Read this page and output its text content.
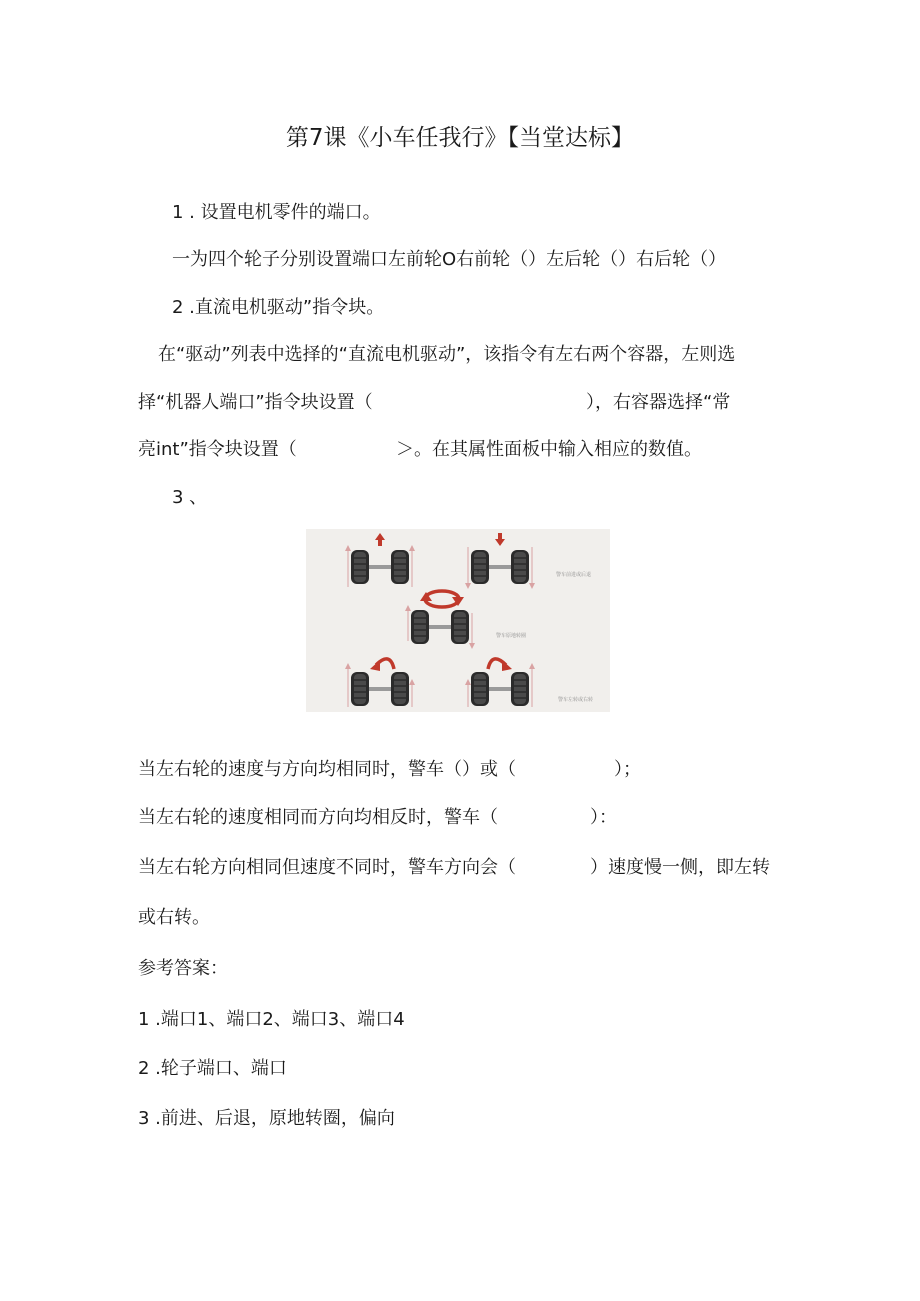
第7课《小车任我行》【当堂达标】
1 . 设置电机零件的端口。
一为四个轮子分别设置端口左前轮O右前轮（）左后轮（）右后轮（）
2 .直流电机驱动”指令块。
在“驱动”列表中选择的“直流电机驱动”，该指令有左右两个容器，左则选
择“机器人端口”指令块设置（	），右容器选择“常
亮int”指令块设置（	＞。在其属性面板中输入相应的数值。
3 、
警车前进或后退
警车原地转圈
警车左转或右转
当左右轮的速度与方向均相同时，警车（）或（	）；
当左右轮的速度相同而方向均相反时，警车（	）：
当左右轮方向相同但速度不同时，警车方向会（	）速度慢一侧，即左转
或右转。
参考答案：
1 .端口1、端口2、端口3、端口4
2 .轮子端口、端口
3 .前进、后退，原地转圈，偏向
